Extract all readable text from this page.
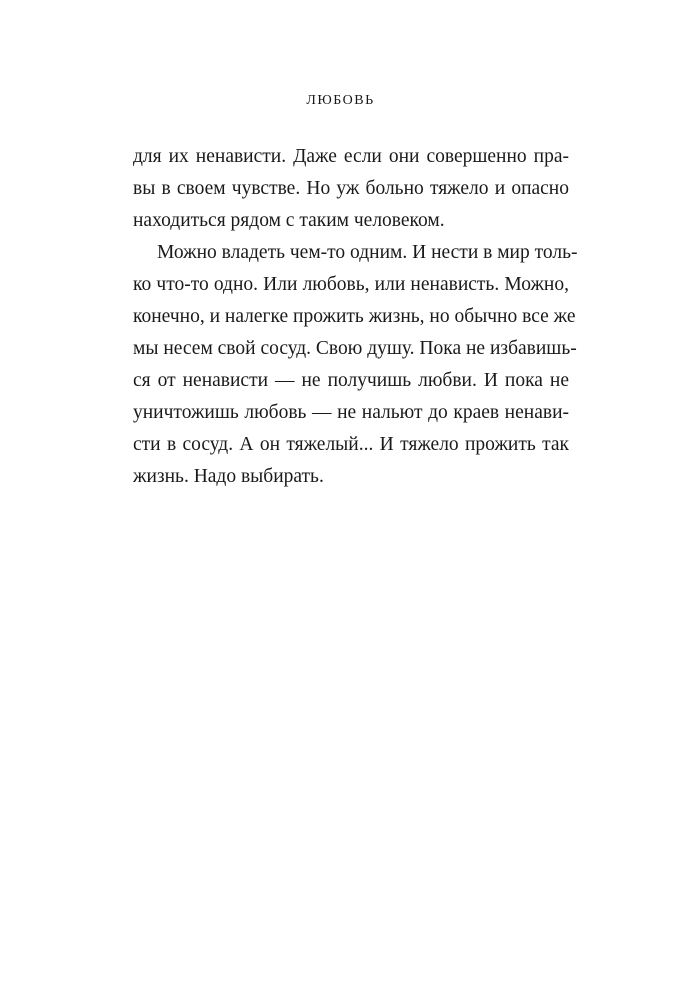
ЛЮБОВЬ
для их ненависти. Даже если они совершенно пра-
вы в своем чувстве. Но уж больно тяжело и опасно
находиться рядом с таким человеком.
Можно владеть чем-то одним. И нести в мир толь-
ко что-то одно. Или любовь, или ненависть. Можно,
конечно, и налегке прожить жизнь, но обычно все же
мы несем свой сосуд. Свою душу. Пока не избавишь-
ся от ненависти — не получишь любви. И пока не
уничтожишь любовь — не нальют до краев ненави-
сти в сосуд. А он тяжелый... И тяжело прожить так
жизнь. Надо выбирать.
